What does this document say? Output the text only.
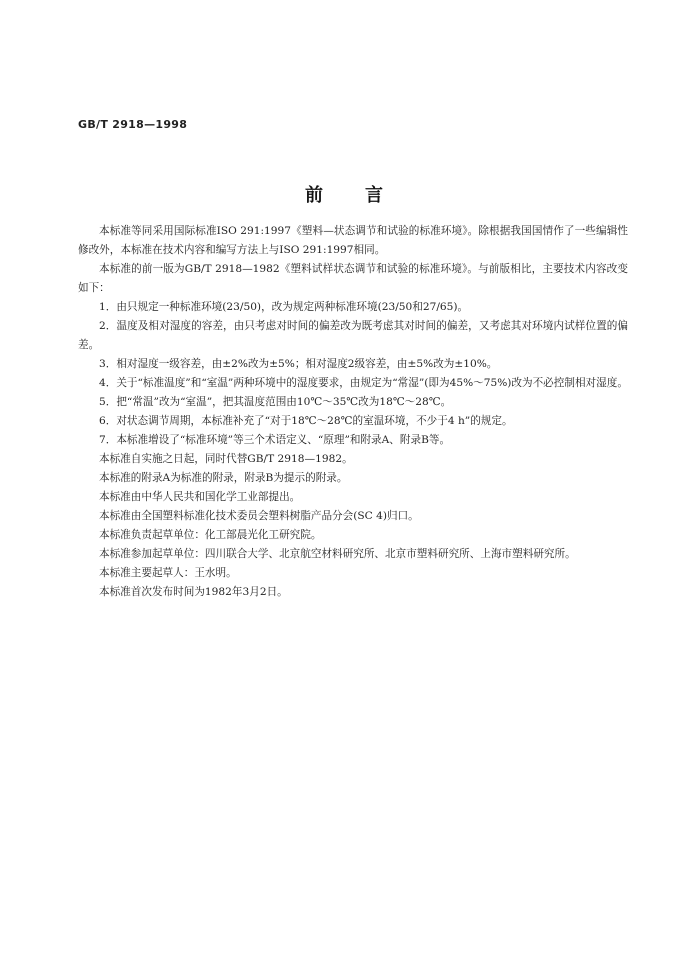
GB/T 2918—1998
前言

本标准等同采用国际标准ISO 291:1997《塑料—状态调节和试验的标准环境》。除根据我国国情作了一些编辑性修改外，本标准在技术内容和编写方法上与ISO 291:1997相同。

本标准的前一版为GB/T 2918—1982《塑料试样状态调节和试验的标准环境》。与前版相比，主要技术内容改变如下：

1．由只规定一种标准环境(23/50)，改为规定两种标准环境(23/50和27/65)。

2．温度及相对湿度的容差，由只考虑对时间的偏差改为既考虑其对时间的偏差，又考虑其对环境内试样位置的偏差。

3．相对湿度一级容差，由±2%改为±5%；相对湿度2级容差，由±5%改为±10%。

4．关于“标准温度”和“室温”两种环境中的湿度要求，由规定为“常湿”(即为45%～75%)改为不必控制相对湿度。

5．把“常温”改为“室温”，把其温度范围由10℃～35℃改为18℃～28℃。

6．对状态调节周期，本标准补充了“对于18℃～28℃的室温环境，不少于4 h”的规定。

7．本标准增设了“标准环境”等三个术语定义、“原理”和附录A、附录B等。

本标准自实施之日起，同时代替GB/T 2918—1982。

本标准的附录A为标准的附录，附录B为提示的附录。

本标准由中华人民共和国化学工业部提出。

本标准由全国塑料标准化技术委员会塑料树脂产品分会(SC 4)归口。

本标准负责起草单位：化工部晨光化工研究院。

本标准参加起草单位：四川联合大学、北京航空材料研究所、北京市塑料研究所、上海市塑料研究所。

本标准主要起草人：王水明。

本标准首次发布时间为1982年3月2日。
